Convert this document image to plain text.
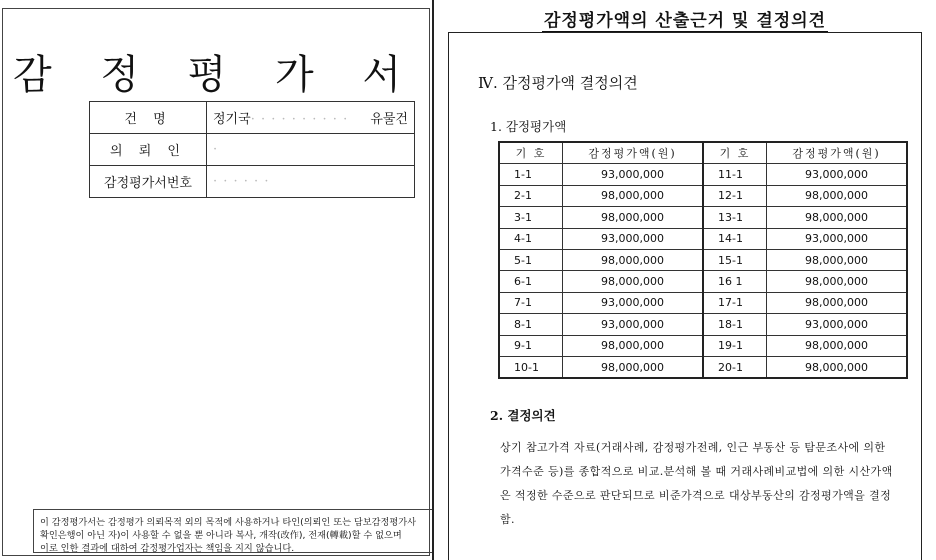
감 정 평 가 서
건 명	정기국· · · · · · · · · · 유물건

의 뢰 인	·

감정평가서번호	· · · · · ·
이 감정평가서는 감정평가 의뢰목적 외의 목적에 사용하거나 타인(의뢰인 또는 담보감정평가사
확인은행이 아닌 자)이 사용할 수 없을 뿐 아니라 복사, 개작(改作), 전재(轉載)할 수 없으며
이로 인한 결과에 대하여 감정평가업자는 책임을 지지 않습니다.
감정평가액의 산출근거 및 결정의견
Ⅳ. 감정평가액 결정의견
1. 감정평가액
기 호	감정평가액(원)	기 호	감정평가액(원)
1-1	93,000,000	11-1	93,000,000
2-1	98,000,000	12-1	98,000,000
3-1	98,000,000	13-1	98,000,000
4-1	93,000,000	14-1	93,000,000
5-1	98,000,000	15-1	98,000,000
6-1	98,000,000	16 1	98,000,000
7-1	93,000,000	17-1	98,000,000
8-1	93,000,000	18-1	93,000,000
9-1	98,000,000	19-1	98,000,000
10-1	98,000,000	20-1	98,000,000
2. 결정의견
상기 참고가격 자료(거래사례, 감정평가전례, 인근 부동산 등 탐문조사에 의한
가격수준 등)를 종합적으로 비교.분석해 볼 때 거래사례비교법에 의한 시산가액
은 적정한 수준으로 판단되므로 비준가격으로 대상부동산의 감정평가액을 결정
함.
